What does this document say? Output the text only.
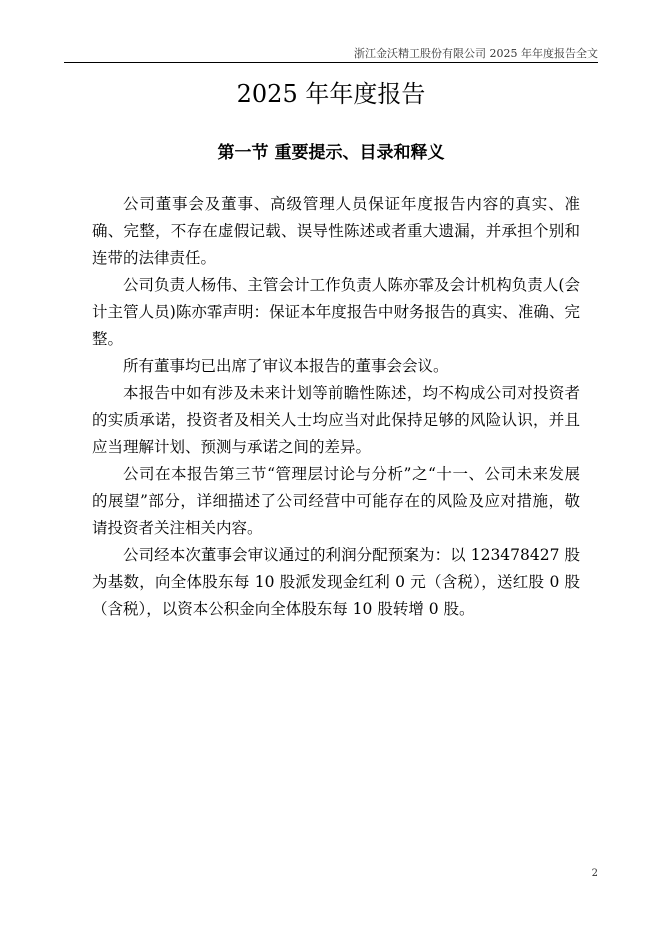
浙江金沃精工股份有限公司 2025 年年度报告全文
2025 年年度报告
第一节 重要提示、目录和释义

公司董事会及董事、高级管理人员保证年度报告内容的真实、准确、完整，不存在虚假记载、误导性陈述或者重大遗漏，并承担个别和连带的法律责任。

公司负责人杨伟、主管会计工作负责人陈亦霏及会计机构负责人(会计主管人员)陈亦霏声明：保证本年度报告中财务报告的真实、准确、完整。

所有董事均已出席了审议本报告的董事会会议。

本报告中如有涉及未来计划等前瞻性陈述，均不构成公司对投资者的实质承诺，投资者及相关人士均应当对此保持足够的风险认识，并且应当理解计划、预测与承诺之间的差异。

公司在本报告第三节“管理层讨论与分析”之“十一、公司未来发展的展望”部分，详细描述了公司经营中可能存在的风险及应对措施，敬请投资者关注相关内容。

公司经本次董事会审议通过的利润分配预案为：以 123478427 股为基数，向全体股东每 10 股派发现金红利 0 元（含税），送红股 0 股（含税），以资本公积金向全体股东每 10 股转增 0 股。

2
